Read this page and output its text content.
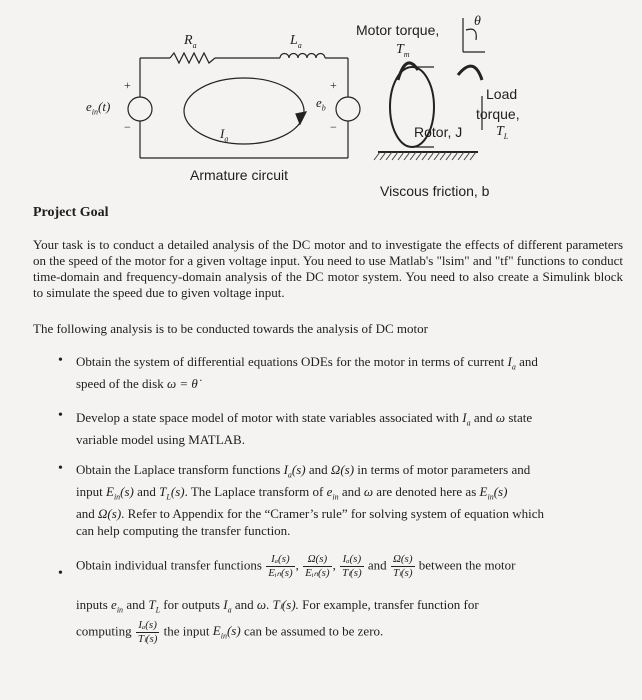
$R_a$	$L_a$
$e_{in}(t)$
+
−
+
−
$e_b$
$I_a$
Armature circuit
Motor torque,
$T_m$
θ
Load
torque,
$T_L$
Rotor, J
Viscous friction, b
Project Goal
Your task is to conduct a detailed analysis of the DC motor and to investigate the effects of different parameters on the speed of the motor for a given voltage input. You need to use Matlab's "lsim" and "tf" functions to conduct time-domain and frequency-domain analysis of the DC motor system. You need to also create a Simulink block to simulate the speed due to given voltage input.
The following analysis is to be conducted towards the analysis of DC motor
• Obtain the system of differential equations ODEs for the motor in terms of current $I_a$ and
speed of the disk ω = θ̇
• Develop a state space model of motor with state variables associated with $I_a$ and ω state
variable model using MATLAB.
• Obtain the Laplace transform functions $I_a(s)$ and Ω(s) in terms of motor parameters and
input $E_{in}(s)$ and $T_L(s)$. The Laplace transform of $e_{in}$ and ω are denoted here as $E_{in}(s)$
and Ω(s). Refer to Appendix for the “Cramer’s rule” for solving system of equation which
can help computing the transfer function.
•
Obtain individual transfer functions $\frac{\text{Iₐ(s)}}{\text{Eᵢₙ(s)}}$ , $\frac{\Omega(s)}{\text{Eᵢₙ(s)}}$ , $\frac{\text{Iₐ(s)}}{\text{Tₗ(s)}}$ and $\frac{\Omega(s)}{\text{Tₗ(s)}}$ between the motor
inputs $e_{in}$ and $T_L$ for outputs $I_a$ and ω. Tₗ(s). For example, transfer function for
computing $\frac{\text{Iₐ(s)}}{\text{Tₗ(s)}}$ the input $E_{in}(s)$ can be assumed to be zero.
